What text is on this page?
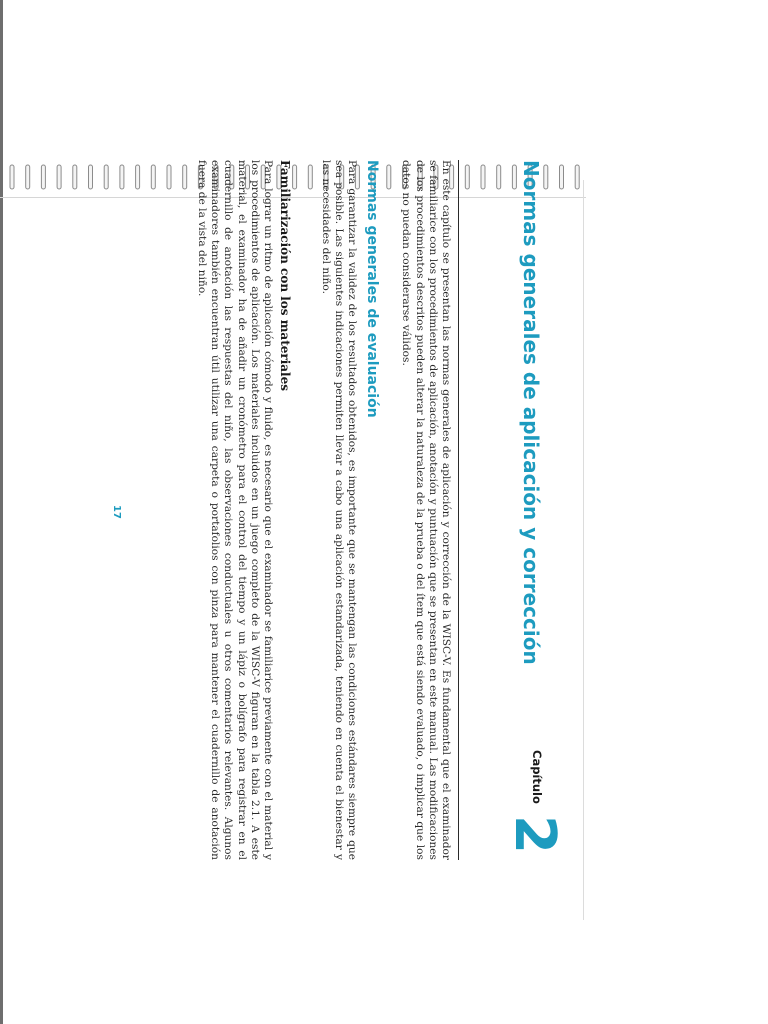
Capítulo
2
Normas generales de aplicación y corrección

En este capítulo se presentan las normas generales de aplicación y corrección de la WISC-V. Es fundamental que el examinador se familiarice con los procedimientos de aplicación, anotación y puntuación que se presentan en este manual. Las modificaciones de los procedimientos descritos pueden alterar la naturaleza de la prueba o del ítem que está siendo evaluado, o implicar que los datos no puedan considerarse válidos.

Normas generales de evaluación

Para garantizar la validez de los resultados obtenidos, es importante que se mantengan las condiciones estándares siempre que sea posible. Las siguientes indicaciones permiten llevar a cabo una aplicación estandarizada, teniendo en cuenta el bienestar y las necesidades del niño.

Familiarización con los materiales

Para lograr un ritmo de aplicación cómodo y fluido, es necesario que el examinador se familiarice previamente con el material y los procedimientos de aplicación. Los materiales incluidos en un juego completo de la WISC-V figuran en la tabla 2.1. A este material, el examinador ha de añadir un cronómetro para el control del tiempo y un lápiz o bolígrafo para registrar en el cuadernillo de anotación las respuestas del niño, las observaciones conductuales u otros comentarios relevantes. Algunos examinadores también encuentran útil utilizar una carpeta o portafolios con pinza para mantener el cuadernillo de anotación fuera de la vista del niño.

17
